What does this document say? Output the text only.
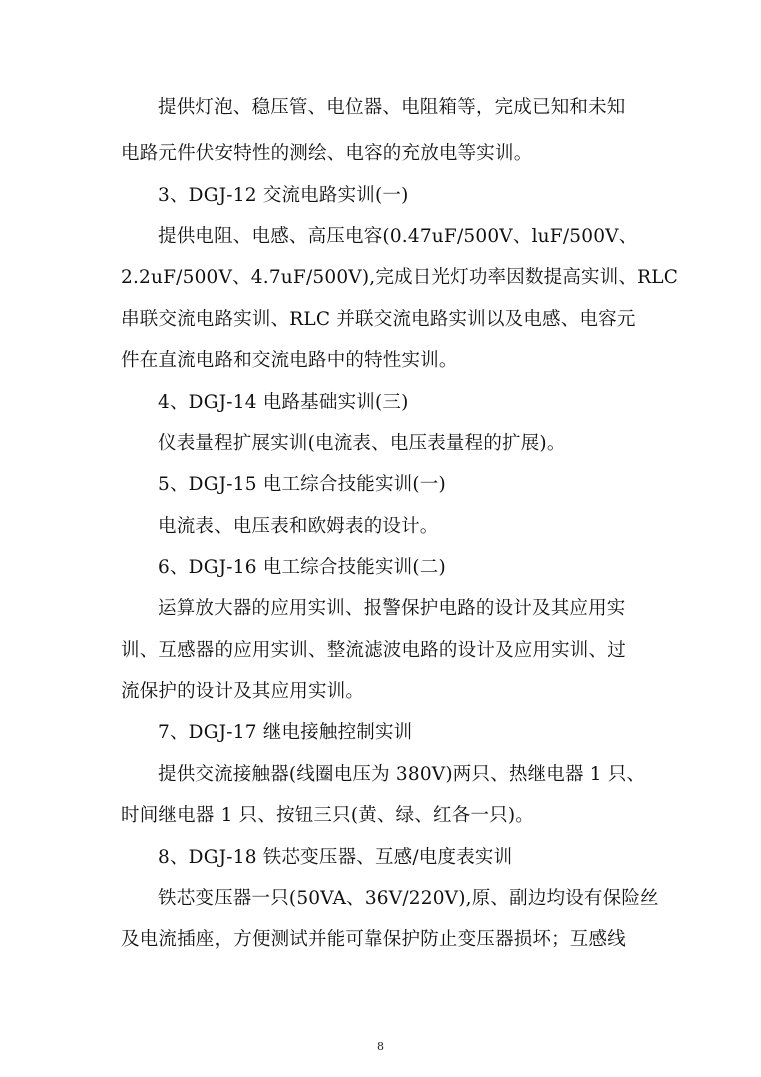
提供灯泡、稳压管、电位器、电阻箱等，完成已知和未知

电路元件伏安特性的测绘、电容的充放电等实训。

3、DGJ-12 交流电路实训(一)

提供电阻、电感、高压电容(0.47uF/500V、luF/500V、

2.2uF/500V、4.7uF/500V),完成日光灯功率因数提高实训、RLC

串联交流电路实训、RLC 并联交流电路实训以及电感、电容元

件在直流电路和交流电路中的特性实训。

4、DGJ-14 电路基础实训(三)

仪表量程扩展实训(电流表、电压表量程的扩展)。

5、DGJ-15 电工综合技能实训(一)

电流表、电压表和欧姆表的设计。

6、DGJ-16 电工综合技能实训(二)

运算放大器的应用实训、报警保护电路的设计及其应用实

训、互感器的应用实训、整流滤波电路的设计及应用实训、过

流保护的设计及其应用实训。

7、DGJ-17 继电接触控制实训

提供交流接触器(线圈电压为 380V)两只、热继电器 1 只、

时间继电器 1 只、按钮三只(黄、绿、红各一只)。

8、DGJ-18 铁芯变压器、互感/电度表实训

铁芯变压器一只(50VA、36V/220V),原、副边均设有保险丝

及电流插座，方便测试并能可靠保护防止变压器损坏；互感线

8
